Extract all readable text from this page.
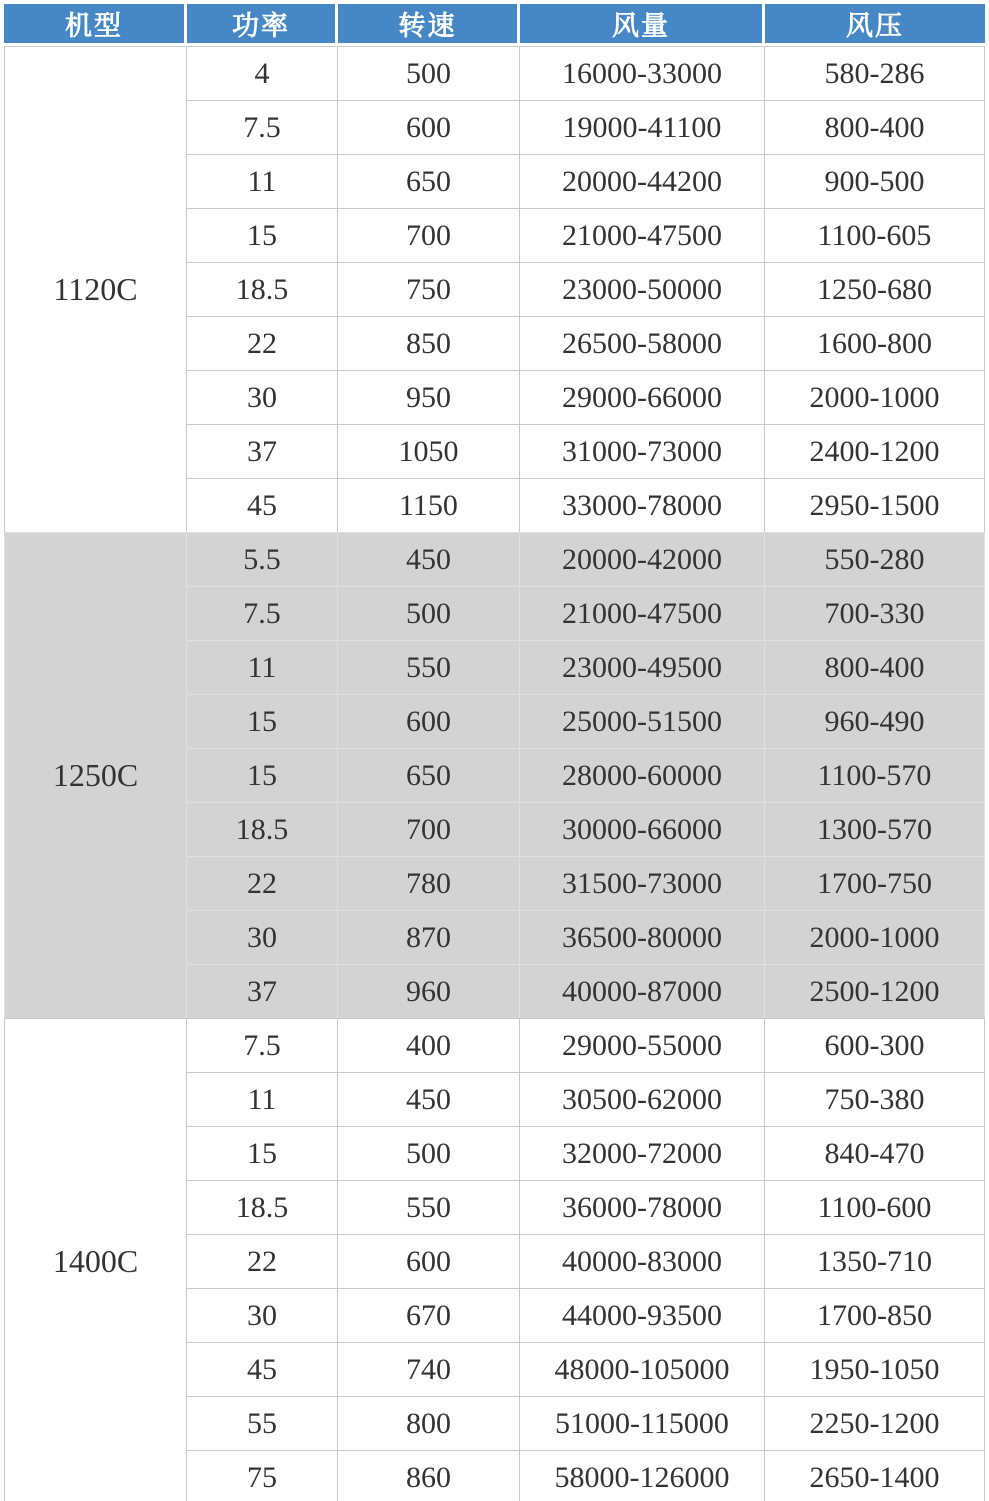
机型	功率	转速	风量	风压
1120C	4	500	16000-33000	580-286
	7.5	600	19000-41100	800-400
	11	650	20000-44200	900-500
	15	700	21000-47500	1100-605
	18.5	750	23000-50000	1250-680
	22	850	26500-58000	1600-800
	30	950	29000-66000	2000-1000
	37	1050	31000-73000	2400-1200
	45	1150	33000-78000	2950-1500
1250C	5.5	450	20000-42000	550-280
	7.5	500	21000-47500	700-330
	11	550	23000-49500	800-400
	15	600	25000-51500	960-490
	15	650	28000-60000	1100-570
	18.5	700	30000-66000	1300-570
	22	780	31500-73000	1700-750
	30	870	36500-80000	2000-1000
	37	960	40000-87000	2500-1200
1400C	7.5	400	29000-55000	600-300
	11	450	30500-62000	750-380
	15	500	32000-72000	840-470
	18.5	550	36000-78000	1100-600
	22	600	40000-83000	1350-710
	30	670	44000-93500	1700-850
	45	740	48000-105000	1950-1050
	55	800	51000-115000	2250-1200
	75	860	58000-126000	2650-1400
